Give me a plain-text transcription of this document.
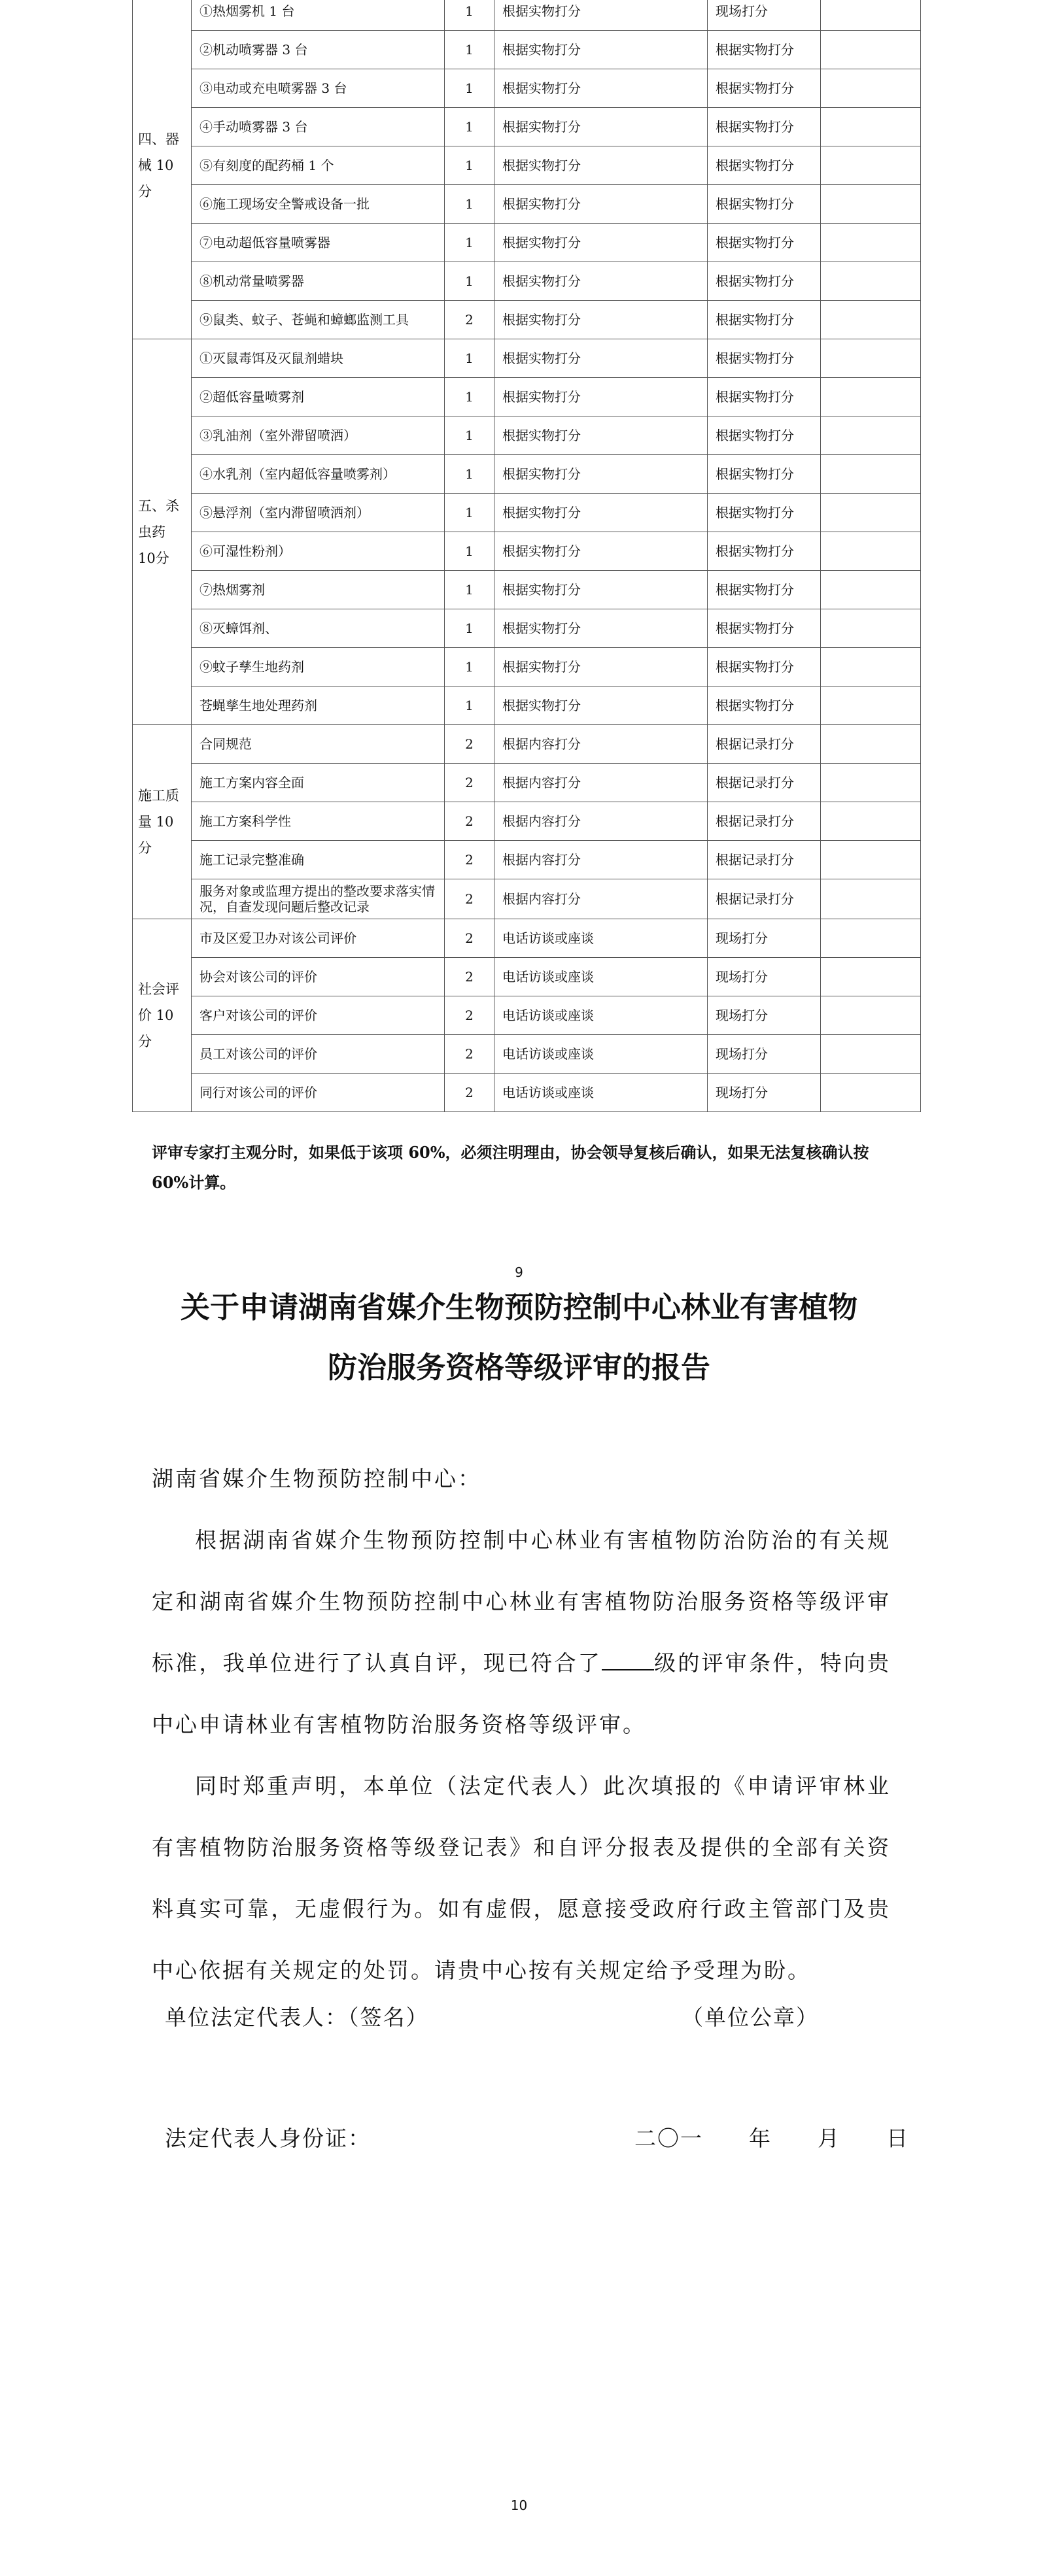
四、器械 10分	①热烟雾机 1 台	1	根据实物打分	现场打分	
	②机动喷雾器 3 台	1	根据实物打分	根据实物打分	
	③电动或充电喷雾器 3 台	1	根据实物打分	根据实物打分	
	④手动喷雾器 3 台	1	根据实物打分	根据实物打分	
	⑤有刻度的配药桶 1 个	1	根据实物打分	根据实物打分	
	⑥施工现场安全警戒设备一批	1	根据实物打分	根据实物打分	
	⑦电动超低容量喷雾器	1	根据实物打分	根据实物打分	
	⑧机动常量喷雾器	1	根据实物打分	根据实物打分	
	⑨鼠类、蚊子、苍蝇和蟑螂监测工具	2	根据实物打分	根据实物打分	
五、杀虫药 10分	①灭鼠毒饵及灭鼠剂蜡块	1	根据实物打分	根据实物打分	
	②超低容量喷雾剂	1	根据实物打分	根据实物打分	
	③乳油剂（室外滞留喷洒）	1	根据实物打分	根据实物打分	
	④水乳剂（室内超低容量喷雾剂）	1	根据实物打分	根据实物打分	
	⑤悬浮剂（室内滞留喷洒剂）	1	根据实物打分	根据实物打分	
	⑥可湿性粉剂）	1	根据实物打分	根据实物打分	
	⑦热烟雾剂	1	根据实物打分	根据实物打分	
	⑧灭蟑饵剂、	1	根据实物打分	根据实物打分	
	⑨蚊子孳生地药剂	1	根据实物打分	根据实物打分	
	苍蝇孳生地处理药剂	1	根据实物打分	根据实物打分	
施工质量 10分	合同规范	2	根据内容打分	根据记录打分	
	施工方案内容全面	2	根据内容打分	根据记录打分	
	施工方案科学性	2	根据内容打分	根据记录打分	
	施工记录完整准确	2	根据内容打分	根据记录打分	
	服务对象或监理方提出的整改要求落实情况，自查发现问题后整改记录	2	根据内容打分	根据记录打分	
社会评价 10分	市及区爱卫办对该公司评价	2	电话访谈或座谈	现场打分	
	协会对该公司的评价	2	电话访谈或座谈	现场打分	
	客户对该公司的评价	2	电话访谈或座谈	现场打分	
	员工对该公司的评价	2	电话访谈或座谈	现场打分	
	同行对该公司的评价	2	电话访谈或座谈	现场打分	
评审专家打主观分时，如果低于该项 60%，必须注明理由，协会领导复核后确认，如果无法复核确认按 60%计算。
9
关于申请湖南省媒介生物预防控制中心林业有害植物
防治服务资格等级评审的报告

湖南省媒介生物预防控制中心：

根据湖南省媒介生物预防控制中心林业有害植物防治防治的有关规定和湖南省媒介生物预防控制中心林业有害植物防治服务资格等级评审标准，我单位进行了认真自评，现已符合了 级的评审条件，特向贵中心申请林业有害植物防治服务资格等级评审。

同时郑重声明，本单位（法定代表人）此次填报的《申请评审林业有害植物防治服务资格等级登记表》和自评分报表及提供的全部有关资料真实可靠，无虚假行为。如有虚假，愿意接受政府行政主管部门及贵中心依据有关规定的处罚。请贵中心按有关规定给予受理为盼。

单位法定代表人：（签名）	（单位公章）
法定代表人身份证：	二〇一　　年　　月　　日
10
